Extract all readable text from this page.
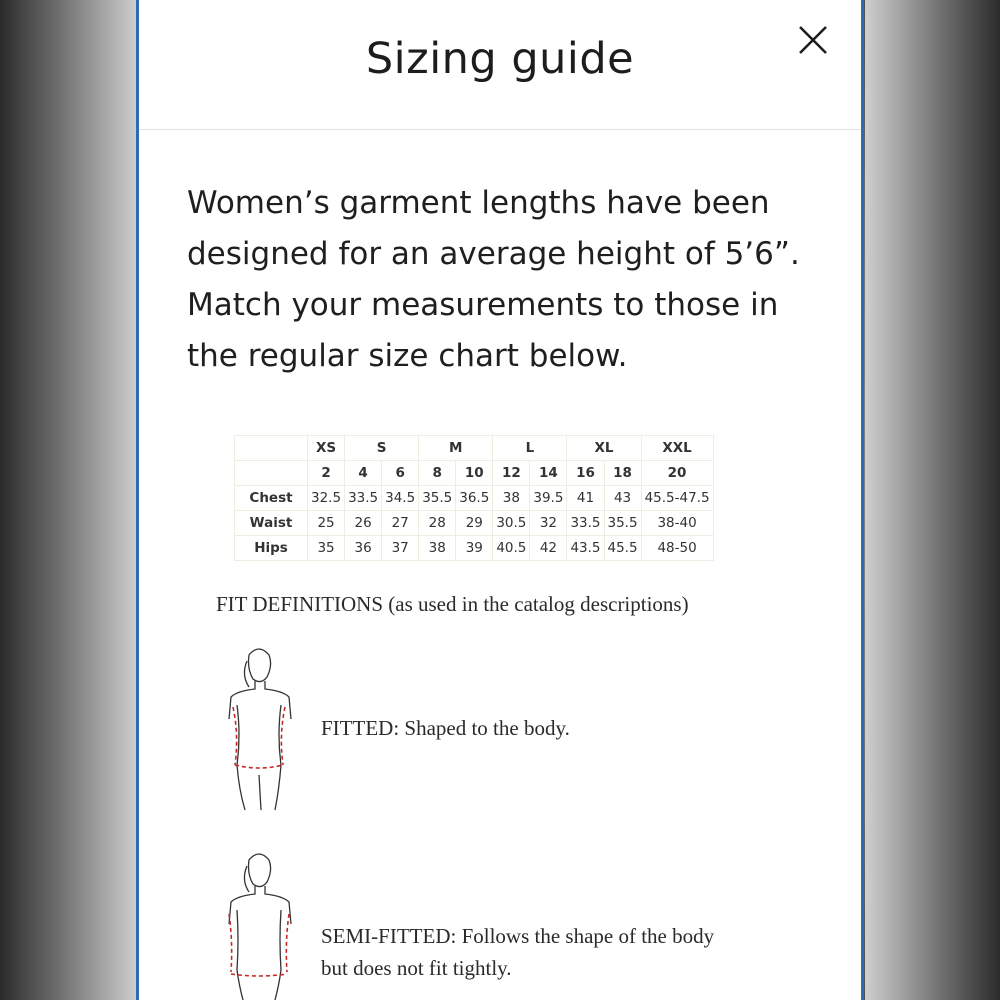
Sizing guide
Women’s garment lengths have been designed for an average height of 5’6”. Match your measurements to those in the regular size chart below.
	XS	S		M		L		XL		XXL
	2	4	6	8	10	12	14	16	18	20
Chest	32.5	33.5	34.5	35.5	36.5	38	39.5	41	43	45.5-47.5
Waist	25	26	27	28	29	30.5	32	33.5	35.5	38-40
Hips	35	36	37	38	39	40.5	42	43.5	45.5	48-50
FIT DEFINITIONS (as used in the catalog descriptions)
FITTED: Shaped to the body.
SEMI-FITTED: Follows the shape of the body but does not fit tightly.
